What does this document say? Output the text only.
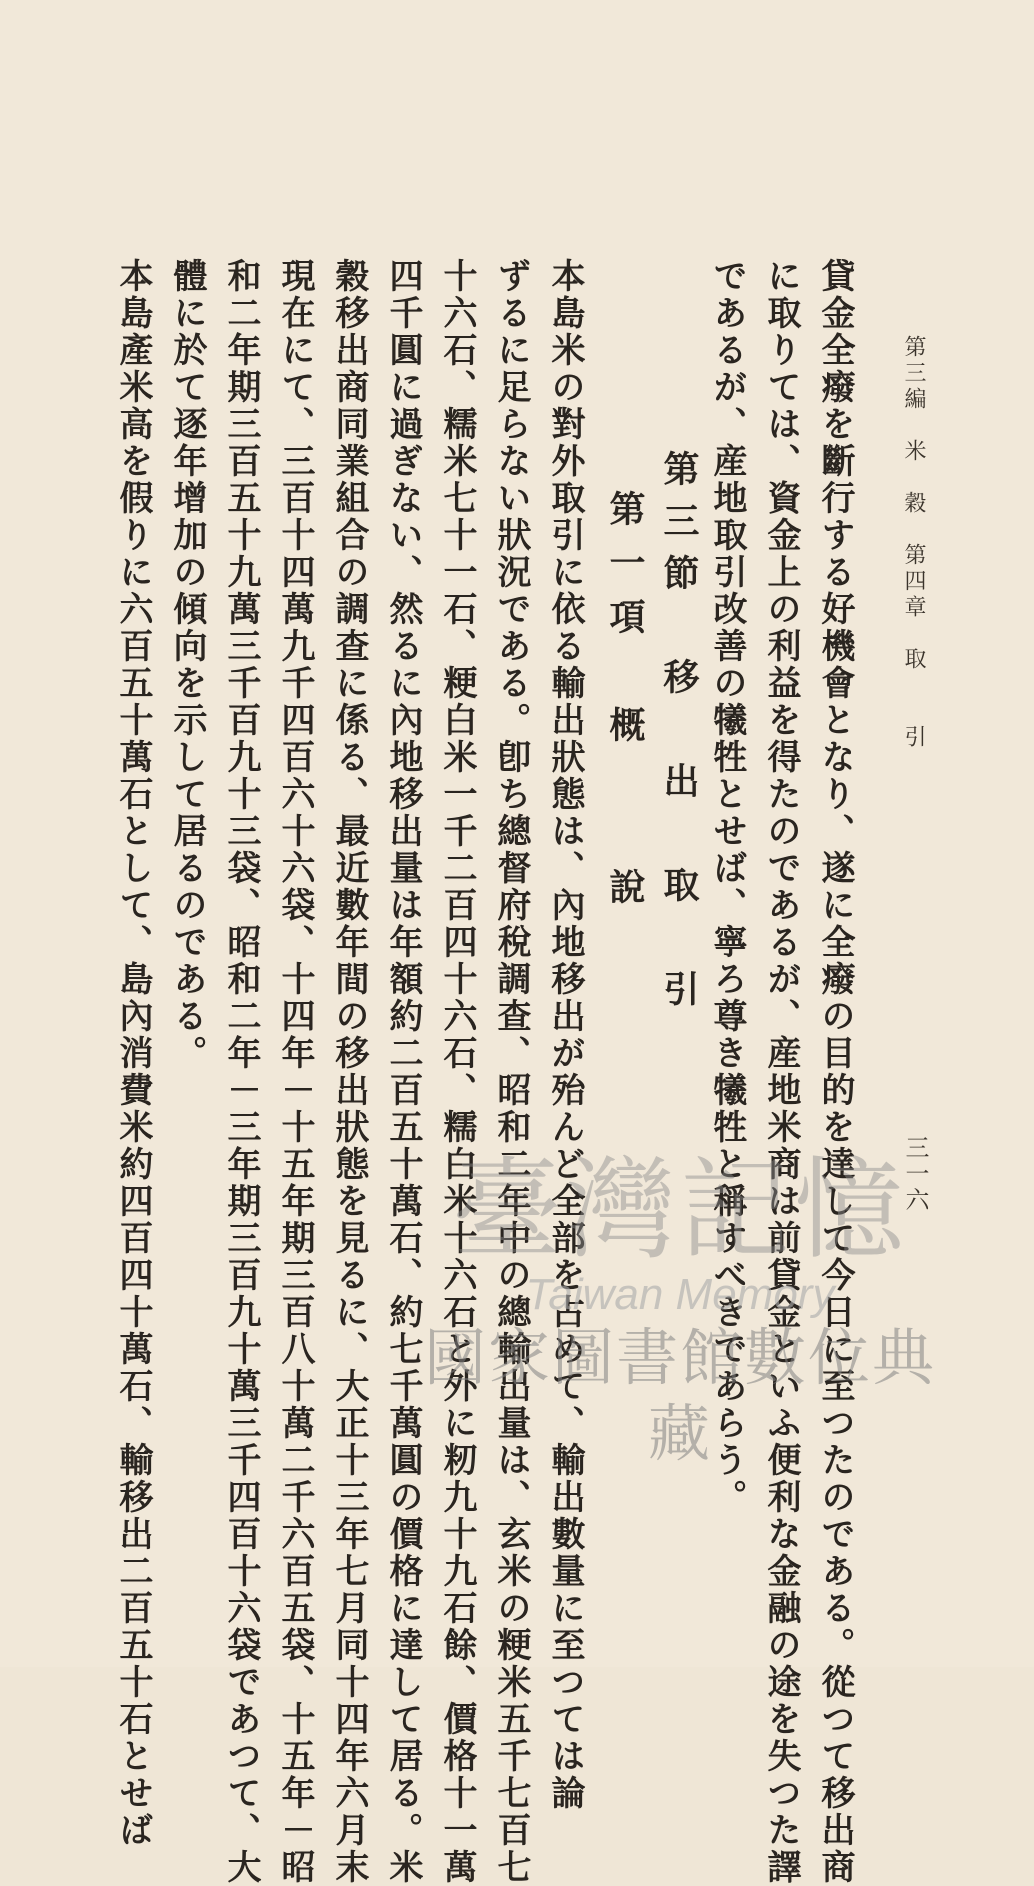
第三編　米　穀　第四章　取　　引
三一六
貸金全癈を斷行する好機會となり、遂に全癈の目的を達して今日に至つたのである。從つて移出商
に取りては、資金上の利益を得たのであるが、産地米商は前貸金といふ便利な金融の途を失つた譯
であるが、産地取引改善の犧牲とせば、寧ろ尊き犧牲と稱すべきであらう。
第三節　移　出　取　引
第一項　概　　說
本島米の對外取引に依る輸出狀態は、內地移出が殆んど全部を占めて、輸出數量に至つては論
ずるに足らない狀況である。卽ち總督府稅調查、昭和二年中の總輸出量は、玄米の粳米五千七百七
十六石、糯米七十一石、粳白米一千二百四十六石、糯白米十六石と外に籾九十九石餘、價格十一萬
四千圓に過ぎない、然るに內地移出量は年額約二百五十萬石、約七千萬圓の價格に達して居る。米
穀移出商同業組合の調查に係る、最近數年間の移出狀態を見るに、大正十三年七月同十四年六月末
現在にて、三百十四萬九千四百六十六袋、十四年－十五年期三百八十萬二千六百五袋、十五年－昭
和二年期三百五十九萬三千百九十三袋、昭和二年－三年期三百九十萬三千四百十六袋であつて、大
體に於て逐年增加の傾向を示して居るのである。
本島產米高を假りに六百五十萬石として、島內消費米約四百四十萬石、輸移出二百五十石とせば	臺灣記憶
Taiwan Memory
國家圖書館數位典藏
